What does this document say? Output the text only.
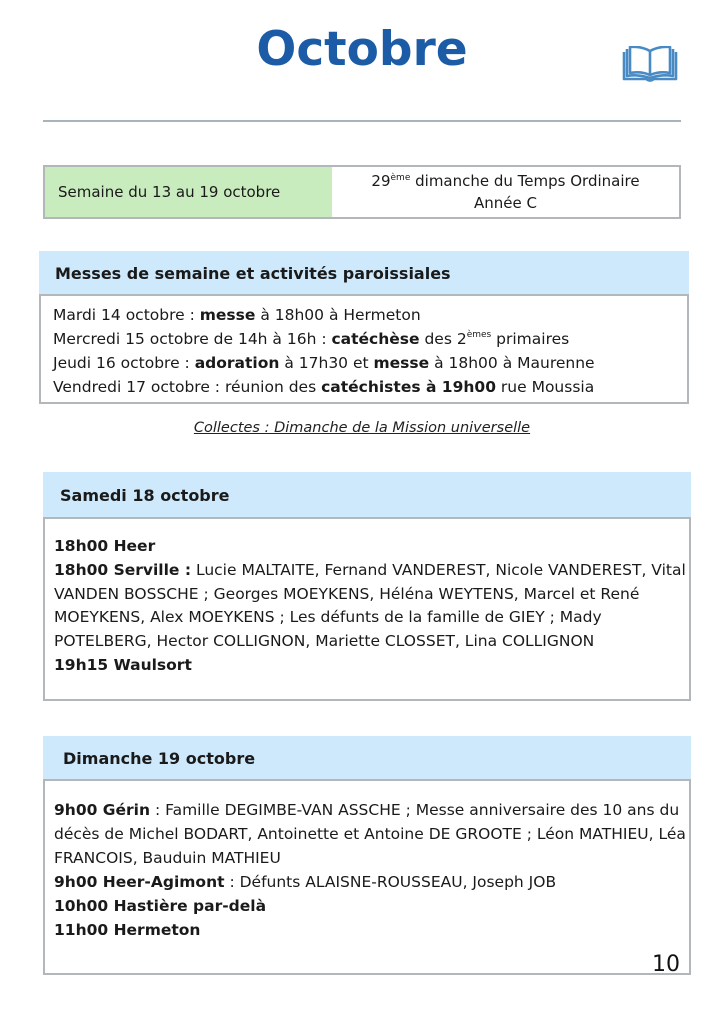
Octobre
Semaine du 13 au 19 octobre
29ème dimanche du Temps Ordinaire
Année C
Messes de semaine et activités paroissiales
Mardi 14 octobre : messe à 18h00 à Hermeton
Mercredi 15 octobre de 14h à 16h : catéchèse des 2èmes primaires
Jeudi 16 octobre : adoration à 17h30 et messe à 18h00 à Maurenne
Vendredi 17 octobre : réunion des catéchistes à 19h00 rue Moussia
Collectes : Dimanche de la Mission universelle
Samedi 18 octobre
18h00 Heer
18h00 Serville : Lucie MALTAITE, Fernand VANDEREST, Nicole VANDEREST, Vital VANDEN BOSSCHE ; Georges MOEYKENS, Héléna WEYTENS, Marcel et René MOEYKENS, Alex MOEYKENS ; Les défunts de la famille de GIEY ; Mady POTELBERG, Hector COLLIGNON, Mariette CLOSSET, Lina COLLIGNON
19h15 Waulsort
Dimanche 19 octobre
9h00 Gérin : Famille DEGIMBE-VAN ASSCHE ; Messe anniversaire des 10 ans du décès de Michel BODART, Antoinette et Antoine DE GROOTE ; Léon MATHIEU, Léa FRANCOIS, Bauduin MATHIEU
9h00 Heer-Agimont : Défunts ALAISNE-ROUSSEAU, Joseph JOB
10h00 Hastière par-delà
11h00 Hermeton
10
